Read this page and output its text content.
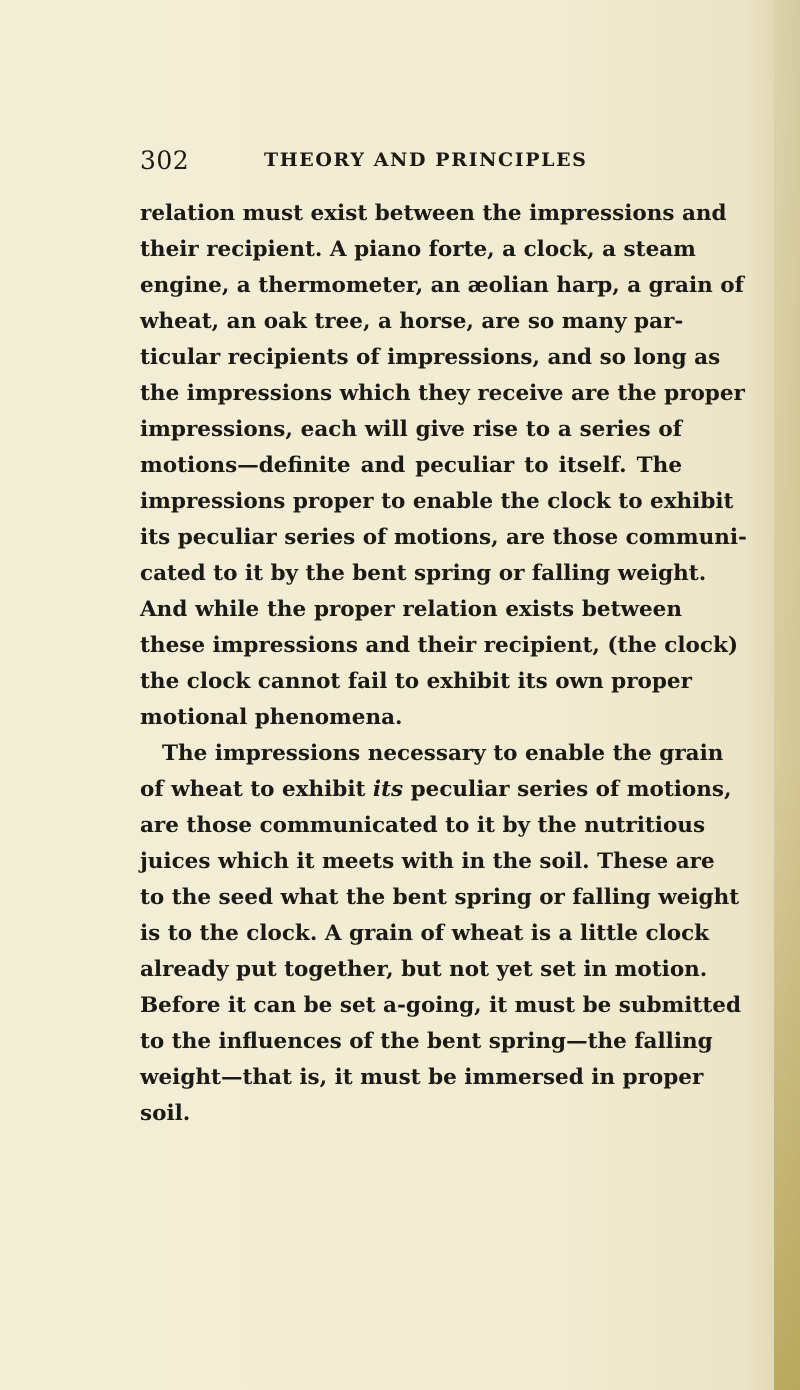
302	THEORY AND PRINCIPLES
relation must exist between the impressions and
their recipient. A piano forte, a clock, a steam
engine, a thermometer, an æolian harp, a grain of
wheat, an oak tree, a horse, are so many par-
ticular recipients of impressions, and so long as
the impressions which they receive are the proper
impressions, each will give rise to a series of
motions—definite and peculiar to itself. The
impressions proper to enable the clock to exhibit
its peculiar series of motions, are those communi-
cated to it by the bent spring or falling weight.
And while the proper relation exists between
these impressions and their recipient, (the clock)
the clock cannot fail to exhibit its own proper
motional phenomena.
The impressions necessary to enable the grain
of wheat to exhibit its peculiar series of motions,
are those communicated to it by the nutritious
juices which it meets with in the soil. These are
to the seed what the bent spring or falling weight
is to the clock. A grain of wheat is a little clock
already put together, but not yet set in motion.
Before it can be set a-going, it must be submitted
to the influences of the bent spring—the falling
weight—that is, it must be immersed in proper
soil.
